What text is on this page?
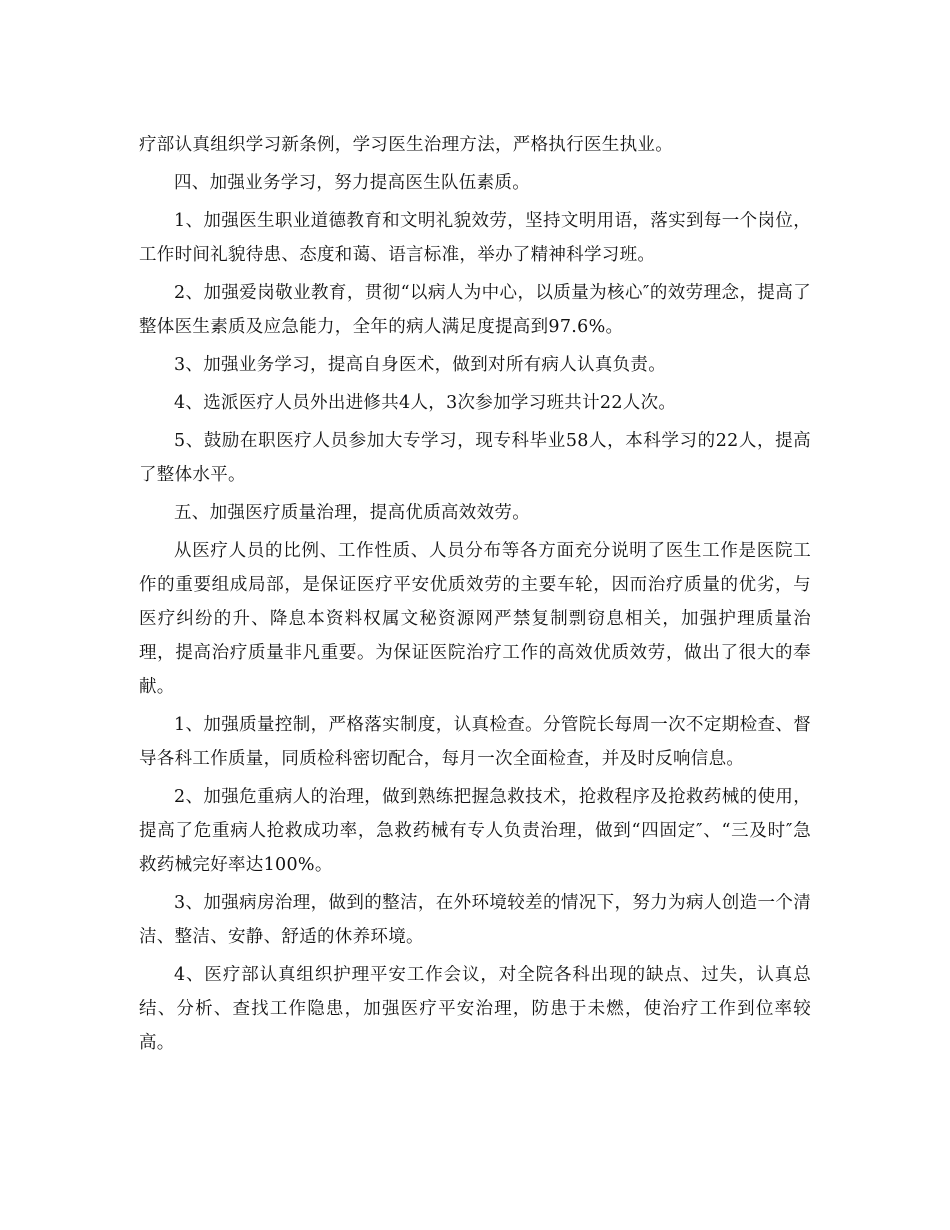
疗部认真组织学习新条例，学习医生治理方法，严格执行医生执业。

四、加强业务学习，努力提高医生队伍素质。

1、加强医生职业道德教育和文明礼貌效劳，坚持文明用语，落实到每一个岗位，工作时间礼貌待患、态度和蔼、语言标准，举办了精神科学习班。

2、加强爱岗敬业教育，贯彻“以病人为中心，以质量为核心″的效劳理念，提高了整体医生素质及应急能力，全年的病人满足度提高到97.6%。

3、加强业务学习，提高自身医术，做到对所有病人认真负责。

4、选派医疗人员外出进修共4人，3次参加学习班共计22人次。

5、鼓励在职医疗人员参加大专学习，现专科毕业58人，本科学习的22人，提高了整体水平。

五、加强医疗质量治理，提高优质高效效劳。

从医疗人员的比例、工作性质、人员分布等各方面充分说明了医生工作是医院工作的重要组成局部，是保证医疗平安优质效劳的主要车轮，因而治疗质量的优劣，与医疗纠纷的升、降息本资料权属文秘资源网严禁复制剽窃息相关，加强护理质量治理，提高治疗质量非凡重要。为保证医院治疗工作的高效优质效劳，做出了很大的奉献。

1、加强质量控制，严格落实制度，认真检查。分管院长每周一次不定期检查、督导各科工作质量，同质检科密切配合，每月一次全面检查，并及时反响信息。

2、加强危重病人的治理，做到熟练把握急救技术，抢救程序及抢救药械的使用，提高了危重病人抢救成功率，急救药械有专人负责治理，做到“四固定″、“三及时″急救药械完好率达100%。

3、加强病房治理，做到的整洁，在外环境较差的情况下，努力为病人创造一个清洁、整洁、安静、舒适的休养环境。

4、医疗部认真组织护理平安工作会议，对全院各科出现的缺点、过失，认真总结、分析、查找工作隐患，加强医疗平安治理，防患于未燃，使治疗工作到位率较高。
